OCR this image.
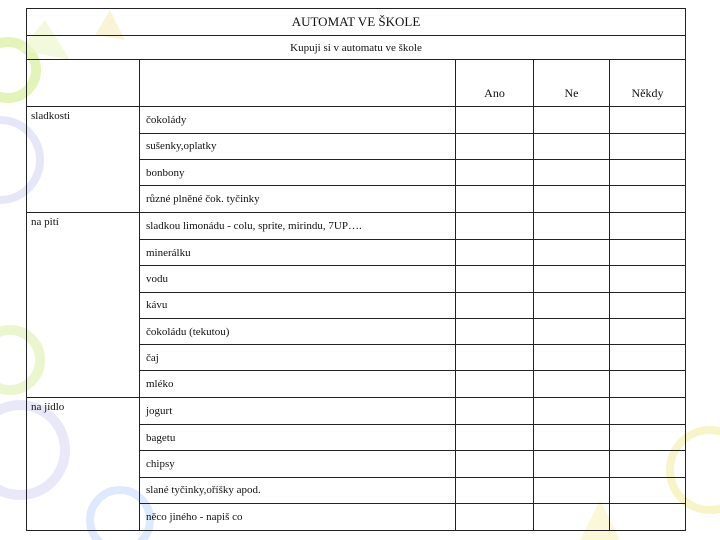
AUTOMAT VE ŠKOLE				
Kupuji si v automatu ve škole				
		Ano	Ne	Někdy
sladkosti	čokolády			
	sušenky,oplatky			
	bonbony			
	různé plněné čok. tyčinky			
na pití	sladkou limonádu - colu, sprite, mirindu, 7UP….			
	minerálku			
	vodu			
	kávu			
	čokoládu (tekutou)			
	čaj			
	mléko			
na jídlo	jogurt			
	bagetu			
	chipsy			
	slané tyčinky,oříšky apod.			
	něco jiného - napiš co			
